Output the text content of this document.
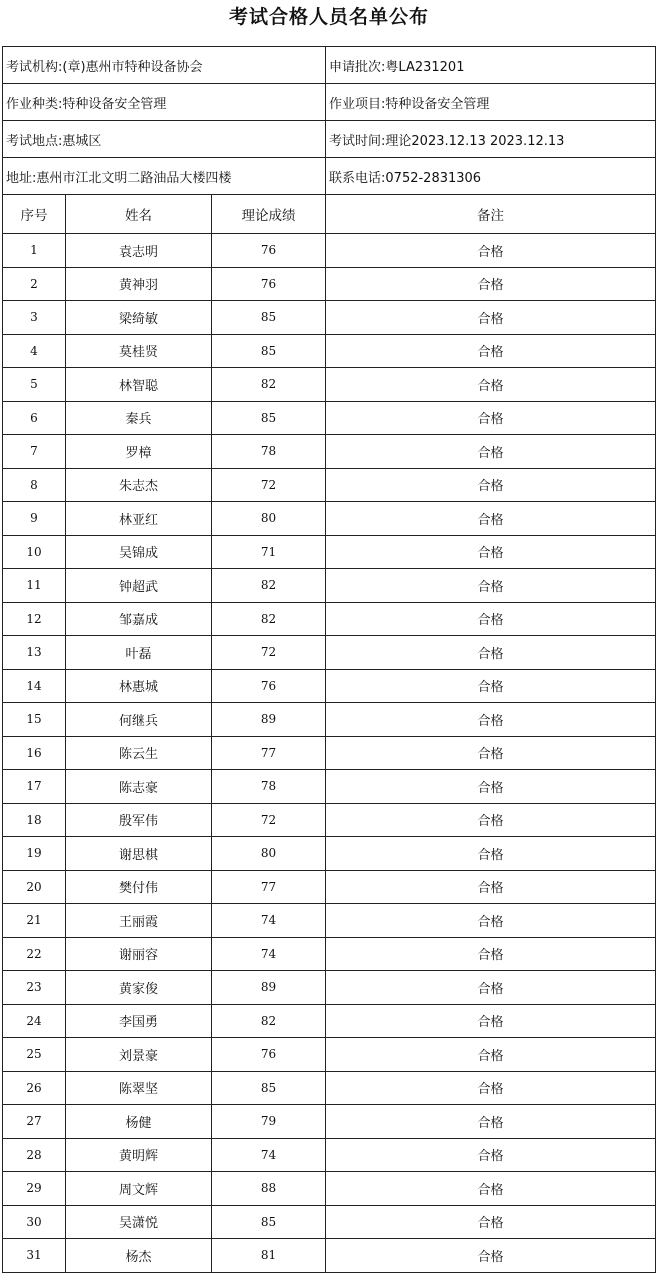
考试合格人员名单公布
考试机构:(章)惠州市特种设备协会			申请批次:粤LA231201
作业种类:特种设备安全管理			作业项目:特种设备安全管理
考试地点:惠城区			考试时间:理论2023.12.13 2023.12.13
地址:惠州市江北文明二路油品大楼四楼			联系电话:0752-2831306
序号	姓名	理论成绩	备注
1	袁志明	76	合格
2	黄神羽	76	合格
3	梁绮敏	85	合格
4	莫桂贤	85	合格
5	林智聪	82	合格
6	秦兵	85	合格
7	罗樟	78	合格
8	朱志杰	72	合格
9	林亚红	80	合格
10	吴锦成	71	合格
11	钟超武	82	合格
12	邹嘉成	82	合格
13	叶磊	72	合格
14	林惠城	76	合格
15	何继兵	89	合格
16	陈云生	77	合格
17	陈志豪	78	合格
18	殷军伟	72	合格
19	谢思棋	80	合格
20	樊付伟	77	合格
21	王丽霞	74	合格
22	谢丽容	74	合格
23	黄家俊	89	合格
24	李国勇	82	合格
25	刘景豪	76	合格
26	陈翠坚	85	合格
27	杨健	79	合格
28	黄明辉	74	合格
29	周文辉	88	合格
30	吴潇悦	85	合格
31	杨杰	81	合格
